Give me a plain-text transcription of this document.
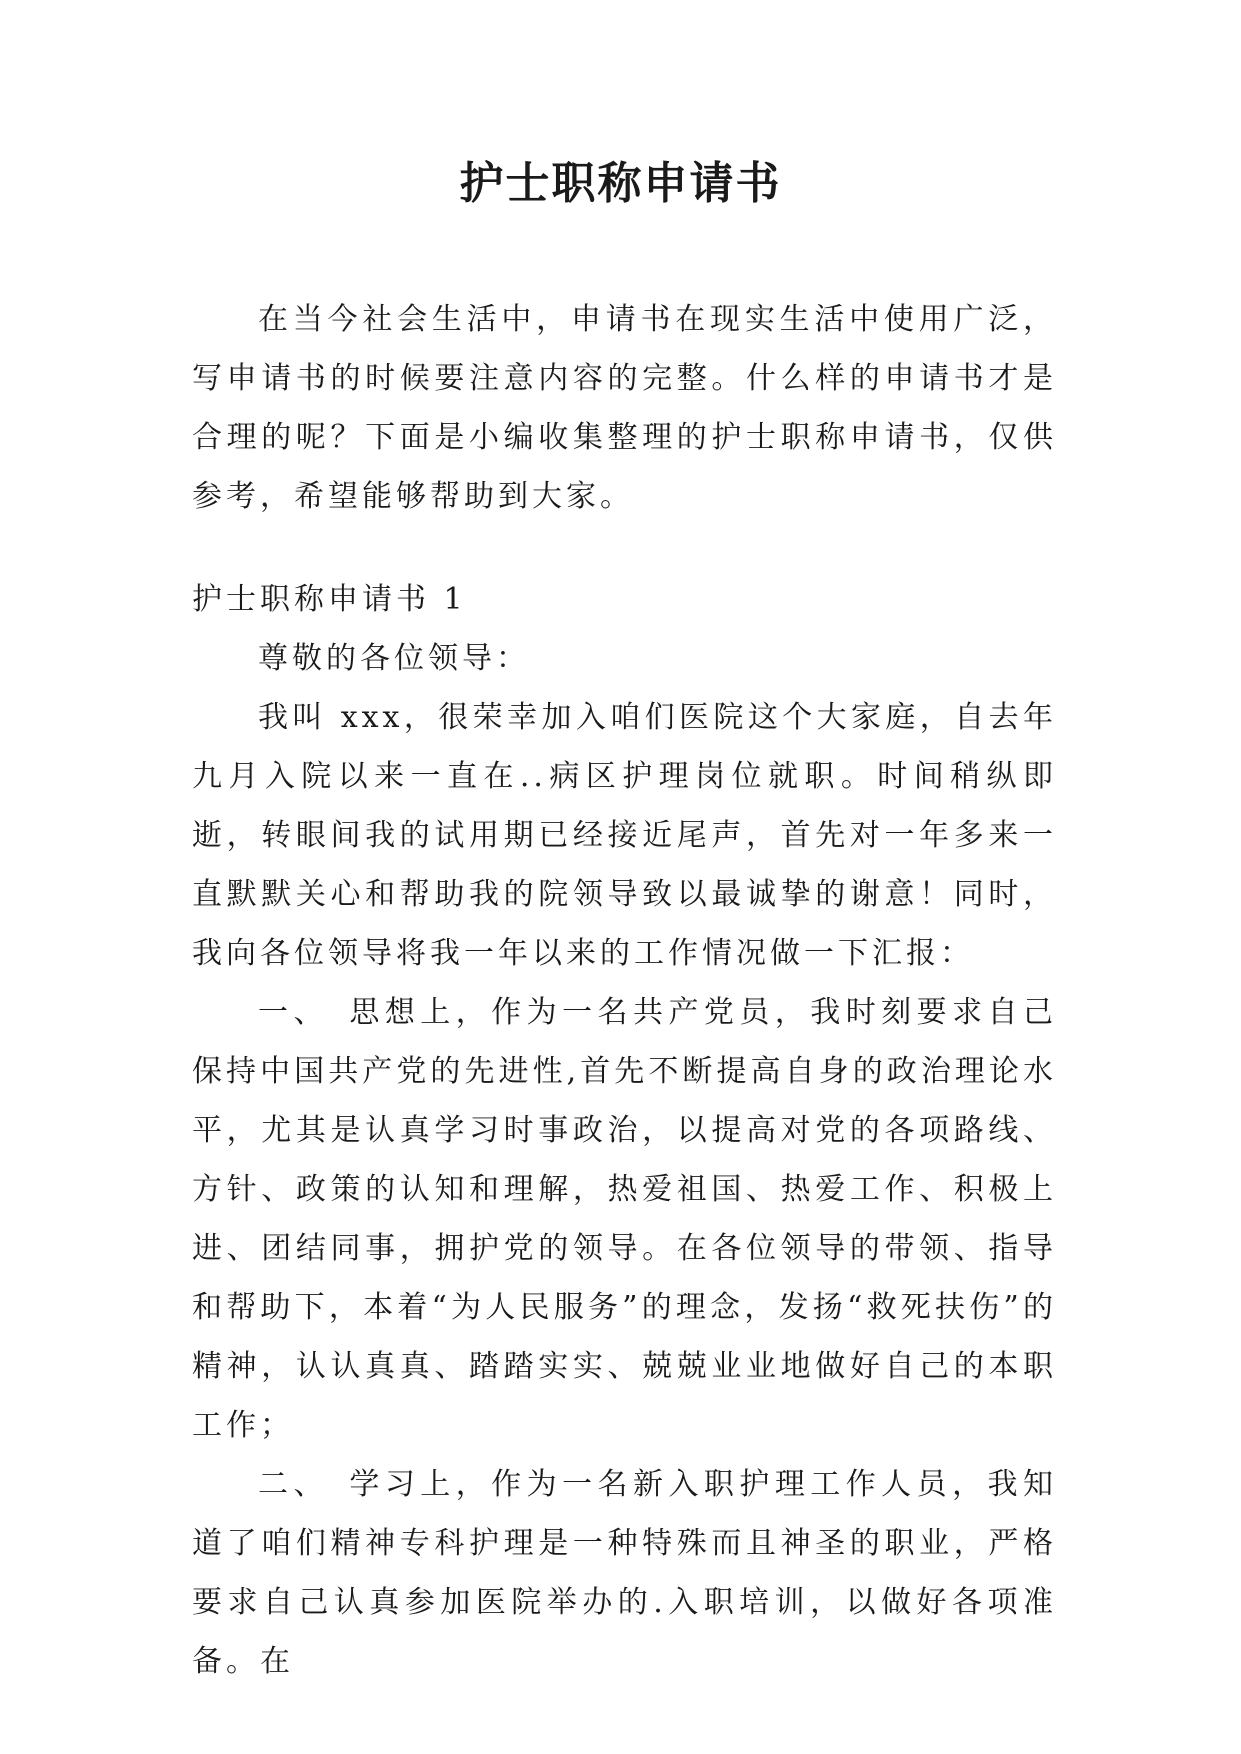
护士职称申请书

在当今社会生活中，申请书在现实生活中使用广泛，写申请书的时候要注意内容的完整。什么样的申请书才是合理的呢？下面是小编收集整理的护士职称申请书，仅供参考，希望能够帮助到大家。

护士职称申请书 1

尊敬的各位领导：

我叫 xxx，很荣幸加入咱们医院这个大家庭，自去年九月入院以来一直在..病区护理岗位就职。时间稍纵即逝，转眼间我的试用期已经接近尾声，首先对一年多来一直默默关心和帮助我的院领导致以最诚挚的谢意！同时，我向各位领导将我一年以来的工作情况做一下汇报：

一、　思想上，作为一名共产党员，我时刻要求自己保持中国共产党的先进性,首先不断提高自身的政治理论水平，尤其是认真学习时事政治，以提高对党的各项路线、方针、政策的认知和理解，热爱祖国、热爱工作、积极上进、团结同事，拥护党的领导。在各位领导的带领、指导和帮助下，本着“为人民服务”的理念，发扬“救死扶伤”的精神，认认真真、踏踏实实、兢兢业业地做好自己的本职工作；

二、　学习上，作为一名新入职护理工作人员，我知道了咱们精神专科护理是一种特殊而且神圣的职业，严格要求自己认真参加医院举办的.入职培训，以做好各项准备。在
